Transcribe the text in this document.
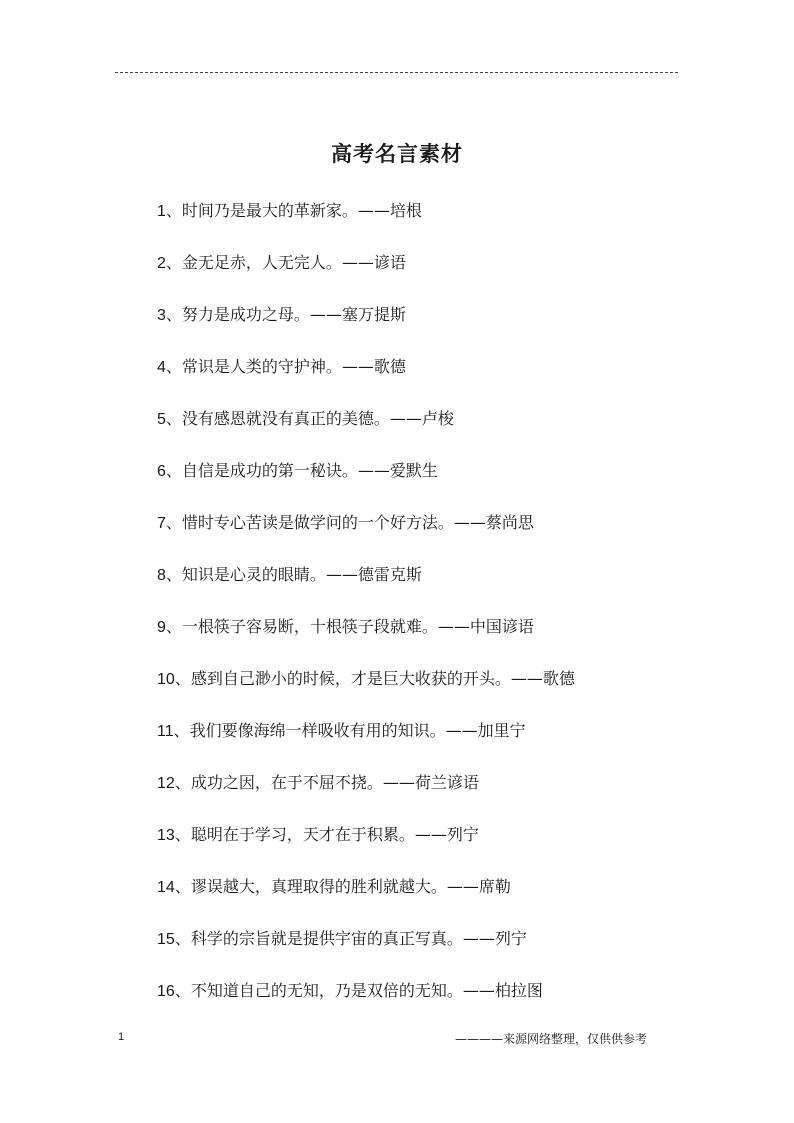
高考名言素材
1、时间乃是最大的革新家。——培根
2、金无足赤，人无完人。——谚语
3、努力是成功之母。——塞万提斯
4、常识是人类的守护神。——歌德
5、没有感恩就没有真正的美德。——卢梭
6、自信是成功的第一秘诀。——爱默生
7、惜时专心苦读是做学问的一个好方法。——蔡尚思
8、知识是心灵的眼睛。——德雷克斯
9、一根筷子容易断，十根筷子段就难。——中国谚语
10、感到自己渺小的时候，才是巨大收获的开头。——歌德
11、我们要像海绵一样吸收有用的知识。——加里宁
12、成功之因，在于不屈不挠。——荷兰谚语
13、聪明在于学习，天才在于积累。——列宁
14、谬误越大，真理取得的胜利就越大。——席勒
15、科学的宗旨就是提供宇宙的真正写真。——列宁
16、不知道自己的无知，乃是双倍的无知。——柏拉图
1	————来源网络整理，仅供供参考
